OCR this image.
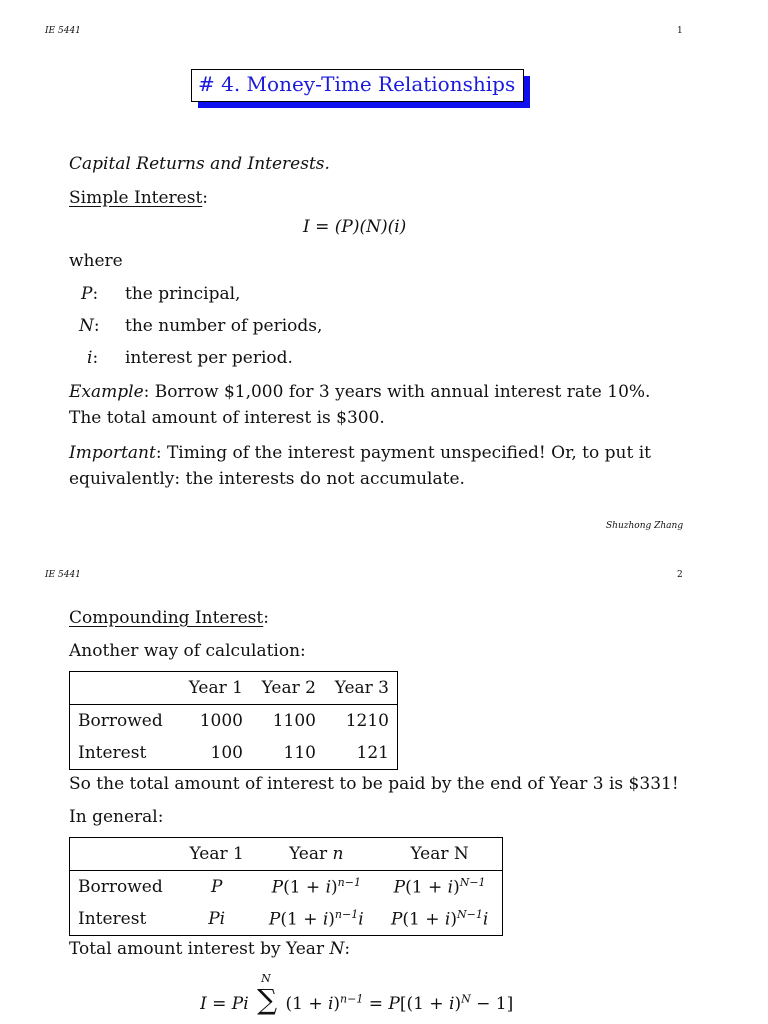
IE 5441	1
# 4. Money-Time Relationships
Capital Returns and Interests.
Simple Interest:
I = (P)(N)(i)
where
P: the principal,
N: the number of periods,
i: interest per period.
Example: Borrow $1,000 for 3 years with annual interest rate 10%.
The total amount of interest is $300.
Important: Timing of the interest payment unspecified! Or, to put it
equivalently: the interests do not accumulate.
Shuzhong Zhang
IE 5441	2
Compounding Interest:
Another way of calculation:
	Year 1	Year 2	Year 3
Borrowed	1000	1100	1210
Interest	100	110	121
So the total amount of interest to be paid by the end of Year 3 is $331!
In general:
	Year 1	Year n	Year N
Borrowed	P	$P(1 + i)^{n-1}$	$P(1 + i)^{N-1}$
Interest	Pi	$P(1 + i)^{n-1}i$	$P(1 + i)^{N-1}i$
Total amount interest by Year N:
I = Pi
N
∑ $(1 + i)^{n-1} = P[(1 + i)^N - 1]$
